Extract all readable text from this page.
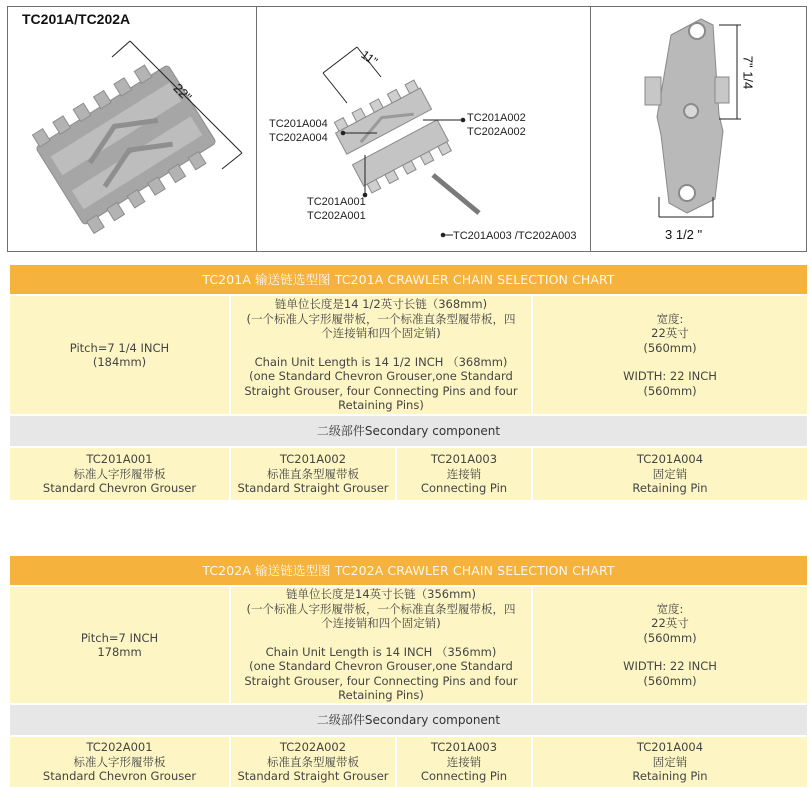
TC201A/TC202A
22"
11"
TC201A004
TC202A004
TC201A002
TC202A002
TC201A001
TC202A001
TC201A003 /TC202A003
7" 1/4
3 1/2 "
TC201A 输送链选型图 TC201A CRAWLER CHAIN SELECTION CHART
Pitch=7 1/4 INCH
(184mm)
链单位长度是14 1/2英寸长链（368mm)
(一个标准人字形履带板，一个标准直条型履带板，四
个连接销和四个固定销)
Chain Unit Length is 14 1/2 INCH （368mm)
(one Standard Chevron Grouser,one Standard
Straight Grouser, four Connecting Pins and four
Retaining Pins)
宽度:
22英寸
(560mm)
WIDTH: 22 INCH
(560mm)
二级部件Secondary component
TC201A001
标准人字形履带板
Standard Chevron Grouser
TC201A002
标准直条型履带板
Standard Straight Grouser
TC201A003
连接销
Connecting Pin
TC201A004
固定销
Retaining Pin
TC202A 输送链选型图 TC202A CRAWLER CHAIN SELECTION CHART
Pitch=7 INCH
178mm
链单位长度是14英寸长链（356mm)
(一个标准人字形履带板，一个标准直条型履带板，四
个连接销和四个固定销)
Chain Unit Length is 14 INCH （356mm)
(one Standard Chevron Grouser,one Standard
Straight Grouser, four Connecting Pins and four
Retaining Pins)
宽度:
22英寸
(560mm)
WIDTH: 22 INCH
(560mm)
二级部件Secondary component
TC202A001
标准人字形履带板
Standard Chevron Grouser
TC202A002
标准直条型履带板
Standard Straight Grouser
TC201A003
连接销
Connecting Pin
TC201A004
固定销
Retaining Pin
